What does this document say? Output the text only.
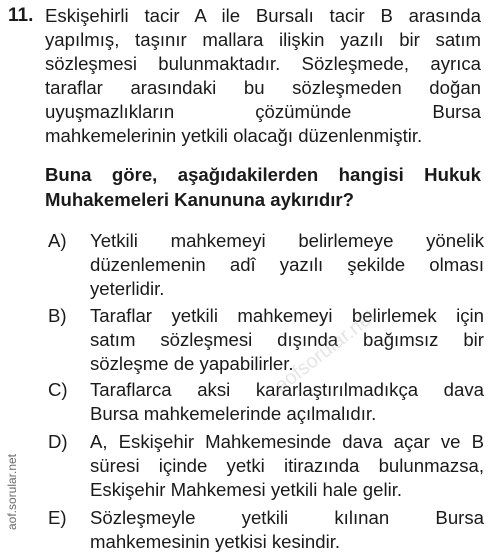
11. Eskişehirli tacir A ile Bursalı tacir B arasında
yapılmış, taşınır mallara ilişkin yazılı bir satım
sözleşmesi bulunmaktadır. Sözleşmede, ayrıca
taraflar arasındaki bu sözleşmeden doğan
uyuşmazlıkların çözümünde Bursa
mahkemelerinin yetkili olacağı düzenlenmiştir.
Buna göre, aşağıdakilerden hangisi Hukuk
Muhakemeleri Kanununa aykırıdır?
A) Yetkili mahkemeyi belirlemeye yönelik
düzenlemenin adî yazılı şekilde olması
yeterlidir.
B) Taraflar yetkili mahkemeyi belirlemek için
satım sözleşmesi dışında bağımsız bir
sözleşme de yapabilirler.
C) Taraflarca aksi kararlaştırılmadıkça dava
Bursa mahkemelerinde açılmalıdır.
D) A, Eskişehir Mahkemesinde dava açar ve B
süresi içinde yetki itirazında bulunmazsa,
Eskişehir Mahkemesi yetkili hale gelir.
E) Sözleşmeyle yetkili kılınan Bursa
mahkemesinin yetkisi kesindir.
aof.sorular.net
aofsorular.net
